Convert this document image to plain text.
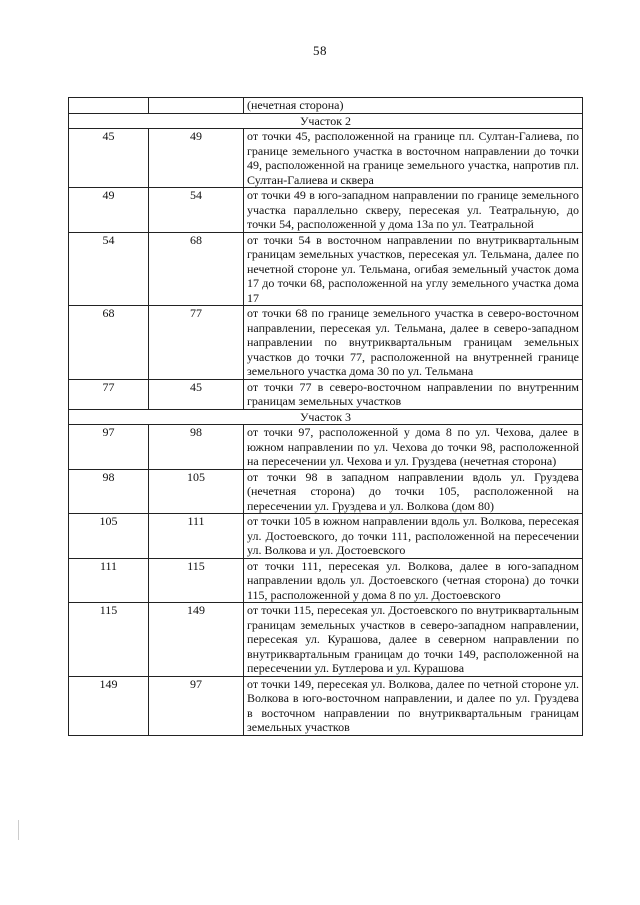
58
		(нечетная сторона)
Участок 2		
45	49	от точки 45, расположенной на границе пл. Султан-Галиева, по границе земельного участка в восточном направлении до точки 49, расположенной на границе земельного участка, напротив пл. Султан-Галиева и сквера
49	54	от точки 49 в юго-западном направлении по границе земельного участка параллельно скверу, пересекая ул. Театральную, до точки 54, расположенной у дома 13а по ул. Театральной
54	68	от точки 54 в восточном направлении по внутриквартальным границам земельных участков, пересекая ул. Тельмана, далее по нечетной стороне ул. Тельмана, огибая земельный участок дома 17 до точки 68, расположенной на углу земельного участка дома 17
68	77	от точки 68 по границе земельного участка в северо-восточном направлении, пересекая ул. Тельмана, далее в северо-западном направлении по внутриквартальным границам земельных участков до точки 77, расположенной на внутренней границе земельного участка дома 30 по ул. Тельмана
77	45	от точки 77 в северо-восточном направлении по внутренним границам земельных участков
Участок 3		
97	98	от точки 97, расположенной у дома 8 по ул. Чехова, далее в южном направлении по ул. Чехова до точки 98, расположенной на пересечении ул. Чехова и ул. Груздева (нечетная сторона)
98	105	от точки 98 в западном направлении вдоль ул. Груздева (нечетная сторона) до точки 105, расположенной на пересечении ул. Груздева и ул. Волкова (дом 80)
105	111	от точки 105 в южном направлении вдоль ул. Волкова, пересекая ул. Достоевского, до точки 111, расположенной на пересечении ул. Волкова и ул. Достоевского
111	115	от точки 111, пересекая ул. Волкова, далее в юго-западном направлении вдоль ул. Достоевского (четная сторона) до точки 115, расположенной у дома 8 по ул. Достоевского
115	149	от точки 115, пересекая ул. Достоевского по внутриквартальным границам земельных участков в северо-западном направлении, пересекая ул. Курашова, далее в северном направлении по внутриквартальным границам до точки 149, расположенной на пересечении ул. Бутлерова и ул. Курашова
149	97	от точки 149, пересекая ул. Волкова, далее по четной стороне ул. Волкова в юго-восточном направлении, и далее по ул. Груздева в восточном направлении по внутриквартальным границам земельных участков
